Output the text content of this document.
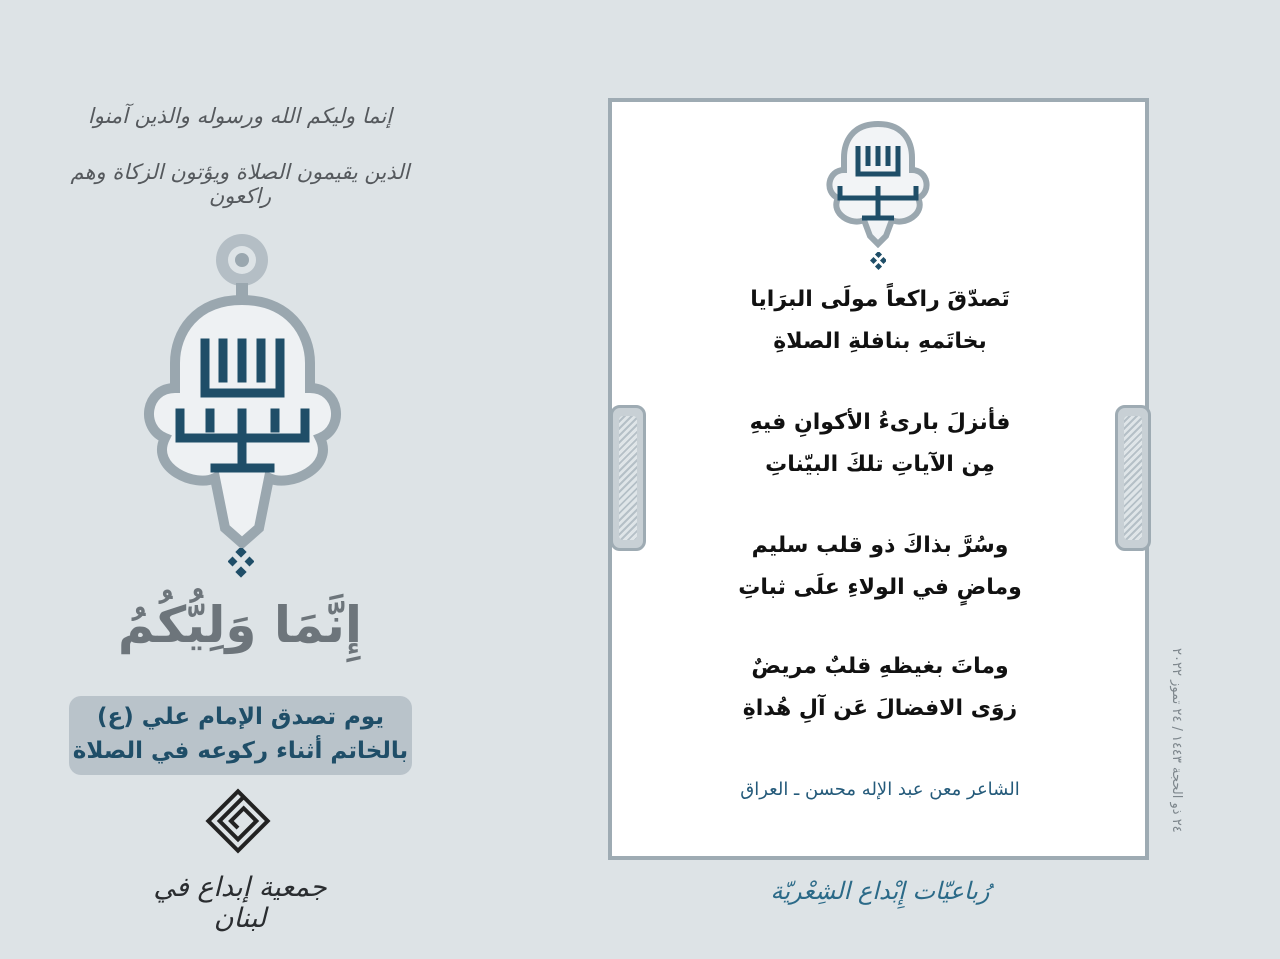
إنما وليكم الله ورسوله والذين آمنوا
الذين يقيمون الصلاة ويؤتون الزكاة وهم راكعون
إِنَّمَا وَلِيُّكُمُ
يوم تصدق الإمام علي (ع)
بالخاتم أثناء ركوعه في الصلاة
جمعية إبداع في لبنان
تَصدّقَ راكعاً مولَى البرَايا
بخاتَمهِ بنافلةِ الصلاةِ
فأنزلَ بارىءُ الأكوانِ فيهِ
مِن الآياتِ تلكَ البيّناتِ
وسُرَّ بذاكَ ذو قلب سليم
وماضٍ في الولاءِ علَى ثباتِ
وماتَ بغيظهِ قلبٌ مريضٌ
زوَى الافضالَ عَن آلِ هُداةِ
الشاعر معن عبد الإله محسن ـ العراق
رُباعيّات إِبْداع الشِعْريّة
٢٤ ذو الحجة ١٤٤٣ / ٢٤ تموز ٢٠٢٢
